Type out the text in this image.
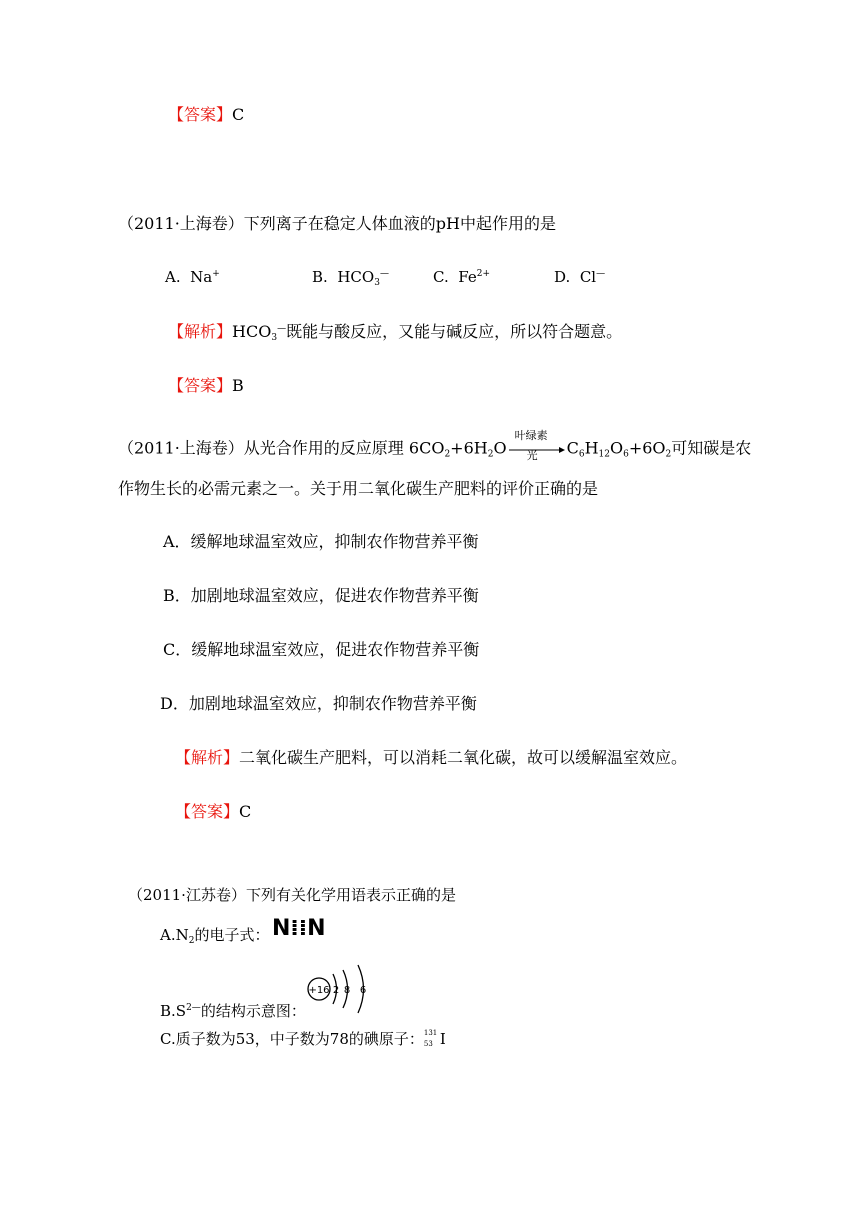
【答案】C
（2011·上海卷）下列离子在稳定人体血液的pH中起作用的是
A. Na+	B. $HCO_3^—$	C. $Fe^{2+}$	D. Cl—
【解析】$HCO_3^—$既能与酸反应，又能与碱反应，所以符合题意。
【答案】B
（2011·上海卷）从光合作用的反应原理 $6CO_2+6H_2O$
叶绿素
光 $C_6H_{12}O_6+6O_2$可知碳是农
作物生长的必需元素之一。关于用二氧化碳生产肥料的评价正确的是
A．缓解地球温室效应，抑制农作物营养平衡
B．加剧地球温室效应，促进农作物营养平衡
C．缓解地球温室效应，促进农作物营养平衡
D．加剧地球温室效应，抑制农作物营养平衡
【解析】二氧化碳生产肥料，可以消耗二氧化碳，故可以缓解温室效应。
【答案】C
（2011·江苏卷）下列有关化学用语表示正确的是
$A.N_2$的电子式： N⁞⁞N
+16 2 8 6
$B.S^{2—}$的结构示意图：
C.质子数为53，中子数为78的碘原子： 131
53 I
